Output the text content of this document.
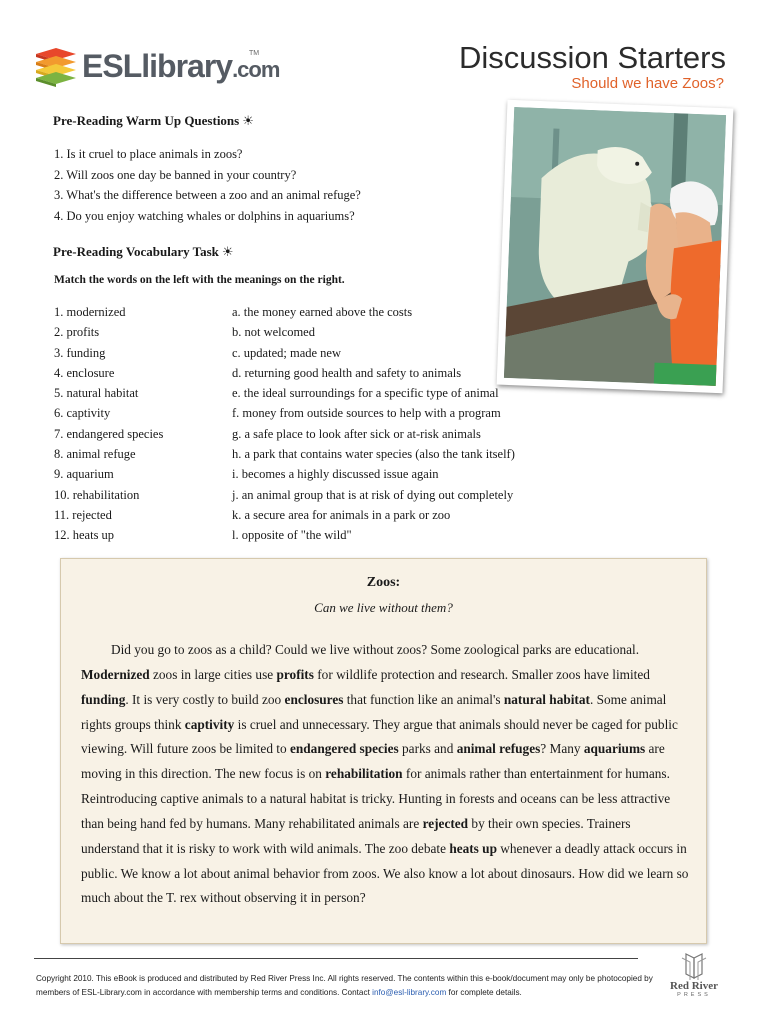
ESLlibrary.com
TM	Discussion Starters
Should we have Zoos?
Pre-Reading Warm Up Questions ☀
1. Is it cruel to place animals in zoos?
2. Will zoos one day be banned in your country?
3. What's the difference between a zoo and an animal refuge?
4. Do you enjoy watching whales or dolphins in aquariums?
Pre-Reading Vocabulary Task ☀
Match the words on the left with the meanings on the right.
1. modernized	a. the money earned above the costs
2. profits	b. not welcomed
3. funding	c. updated; made new
4. enclosure	d. returning good health and safety to animals
5. natural habitat	e. the ideal surroundings for a specific type of animal
6. captivity	f. money from outside sources to help with a program
7. endangered species	g. a safe place to look after sick or at-risk animals
8. animal refuge	h. a park that contains water species (also the tank itself)
9. aquarium	i. becomes a highly discussed issue again
10. rehabilitation	j. an animal group that is at risk of dying out completely
11. rejected	k. a secure area for animals in a park or zoo
12. heats up	l. opposite of "the wild"
Zoos:
Can we live without them?

Did you go to zoos as a child? Could we live without zoos? Some zoological parks are educational. Modernized zoos in large cities use profits for wildlife protection and research. Smaller zoos have limited funding. It is very costly to build zoo enclosures that function like an animal's natural habitat. Some animal rights groups think captivity is cruel and unnecessary. They argue that animals should never be caged for public viewing. Will future zoos be limited to endangered species parks and animal refuges? Many aquariums are moving in this direction. The new focus is on rehabilitation for animals rather than entertainment for humans. Reintroducing captive animals to a natural habitat is tricky. Hunting in forests and oceans can be less attractive than being hand fed by humans. Many rehabilitated animals are rejected by their own species. Trainers understand that it is risky to work with wild animals. The zoo debate heats up whenever a deadly attack occurs in public. We know a lot about animal behavior from zoos. We also know a lot about dinosaurs. How did we learn so much about the T. rex without observing it in person?

Copyright 2010. This eBook is produced and distributed by Red River Press Inc. All rights reserved. The contents within this e-book/document may only be photocopied by members of ESL-Library.com in accordance with membership terms and conditions. Contact info@esl-library.com for complete details.
Red River
PRESS
